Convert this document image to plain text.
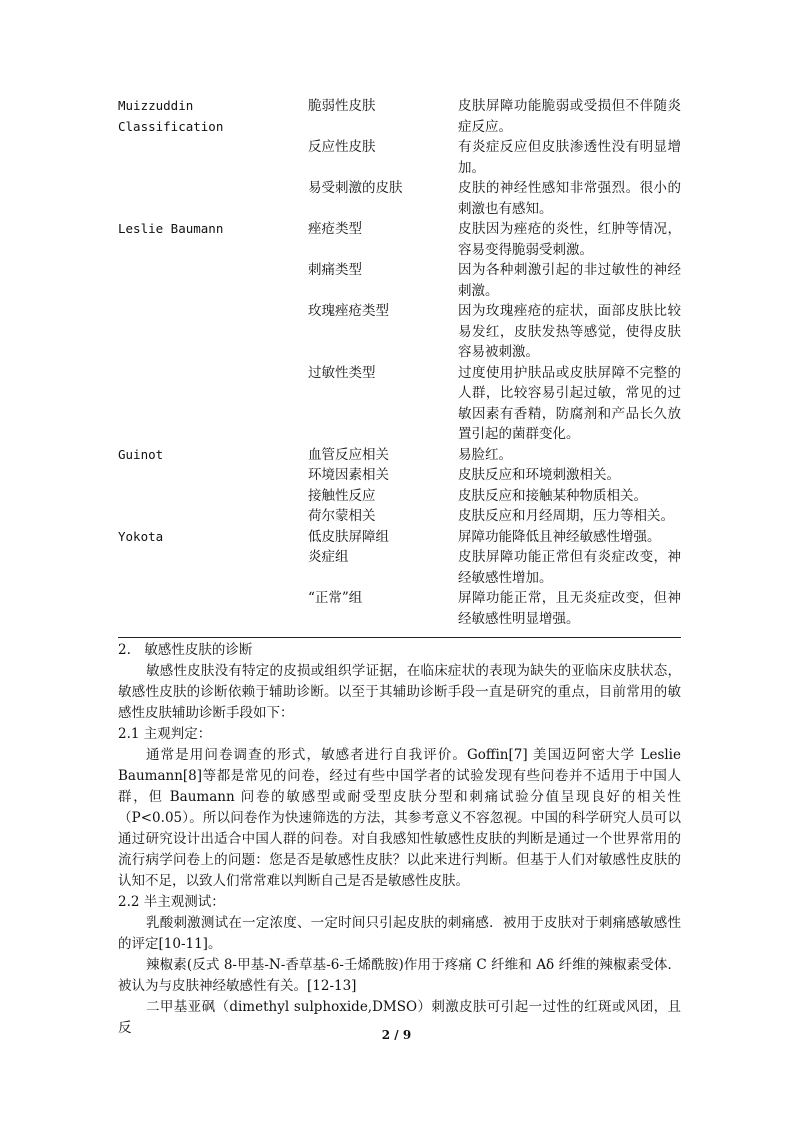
Muizzuddin
Classification
脆弱性皮肤	皮肤屏障功能脆弱或受损但不伴随炎症反应。
反应性皮肤	有炎症反应但皮肤渗透性没有明显增加。
易受刺激的皮肤	皮肤的神经性感知非常强烈。很小的刺激也有感知。
Leslie Baumann	痤疮类型	皮肤因为痤疮的炎性，红肿等情况，容易变得脆弱受刺激。
刺痛类型	因为各种刺激引起的非过敏性的神经刺激。
玫瑰痤疮类型	因为玫瑰痤疮的症状，面部皮肤比较易发红，皮肤发热等感觉，使得皮肤容易被刺激。
过敏性类型	过度使用护肤品或皮肤屏障不完整的人群，比较容易引起过敏，常见的过敏因素有香精，防腐剂和产品长久放置引起的菌群变化。
Guinot	血管反应相关	易脸红。
环境因素相关	皮肤反应和环境刺激相关。
接触性反应	皮肤反应和接触某种物质相关。
荷尔蒙相关	皮肤反应和月经周期，压力等相关。
Yokota	低皮肤屏障组	屏障功能降低且神经敏感性增强。
炎症组	皮肤屏障功能正常但有炎症改变，神经敏感性增加。
“正常”组	屏障功能正常，且无炎症改变，但神经敏感性明显增强。

2.　敏感性皮肤的诊断

敏感性皮肤没有特定的皮损或组织学证据，在临床症状的表现为缺失的亚临床皮肤状态，敏感性皮肤的诊断依赖于辅助诊断。以至于其辅助诊断手段一直是研究的重点，目前常用的敏感性皮肤辅助诊断手段如下：

2.1 主观判定：

通常是用问卷调查的形式，敏感者进行自我评价。Goffin[7] 美国迈阿密大学 Leslie Baumann[8]等都是常见的问卷，经过有些中国学者的试验发现有些问卷并不适用于中国人群，但 Baumann 问卷的敏感型或耐受型皮肤分型和刺痛试验分值呈现良好的相关性（P<0.05）。所以问卷作为快速筛选的方法，其参考意义不容忽视。中国的科学研究人员可以通过研究设计出适合中国人群的问卷。对自我感知性敏感性皮肤的判断是通过一个世界常用的流行病学问卷上的问题：您是否是敏感性皮肤？以此来进行判断。但基于人们对敏感性皮肤的认知不足，以致人们常常难以判断自己是否是敏感性皮肤。

2.2 半主观测试：

乳酸刺激测试在一定浓度、一定时间只引起皮肤的刺痛感．被用于皮肤对于刺痛感敏感性的评定[10-11]。

辣椒素(反式 8-甲基-N-香草基-6-壬烯酰胺)作用于疼痛 C 纤维和 Aδ 纤维的辣椒素受体．被认为与皮肤神经敏感性有关。[12-13]

二甲基亚砜（dimethyl sulphoxide,DMSO）刺激皮肤可引起一过性的红斑或风团，且反	2 / 9
